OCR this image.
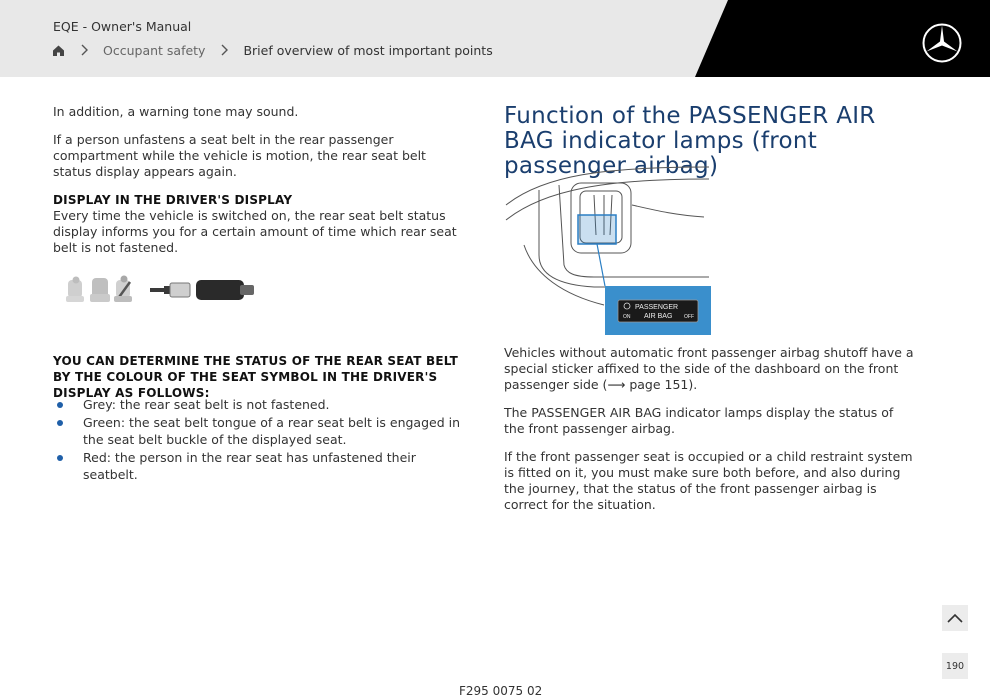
EQE - Owner's Manual
Occupant safety	Brief overview of most important points

In addition, a warning tone may sound.

If a person unfastens a seat belt in the rear passenger compartment while the vehicle is motion, the rear seat belt status display appears again.

DISPLAY IN THE DRIVER'S DISPLAY

Every time the vehicle is switched on, the rear seat belt status display informs you for a certain amount of time which rear seat belt is not fastened.

YOU CAN DETERMINE THE STATUS OF THE REAR SEAT BELT BY THE COLOUR OF THE SEAT SYMBOL IN THE DRIVER'S DISPLAY AS FOLLOWS:
Grey: the rear seat belt is not fastened.
Green: the seat belt tongue of a rear seat belt is engaged in the seat belt buckle of the displayed seat.
Red: the person in the rear seat has unfastened their seatbelt.
Function of the PASSENGER AIR BAG indicator lamps (front passenger airbag)
PASSENGER
AIR BAG
ON	OFF

Vehicles without automatic front passenger airbag shutoff have a special sticker affixed to the side of the dashboard on the front passenger side (⟶ page 151).

The PASSENGER AIR BAG indicator lamps display the status of the front passenger airbag.

If the front passenger seat is occupied or a child restraint system is fitted on it, you must make sure both before, and also during the journey, that the status of the front passenger airbag is correct for the situation.

190
F295 0075 02
